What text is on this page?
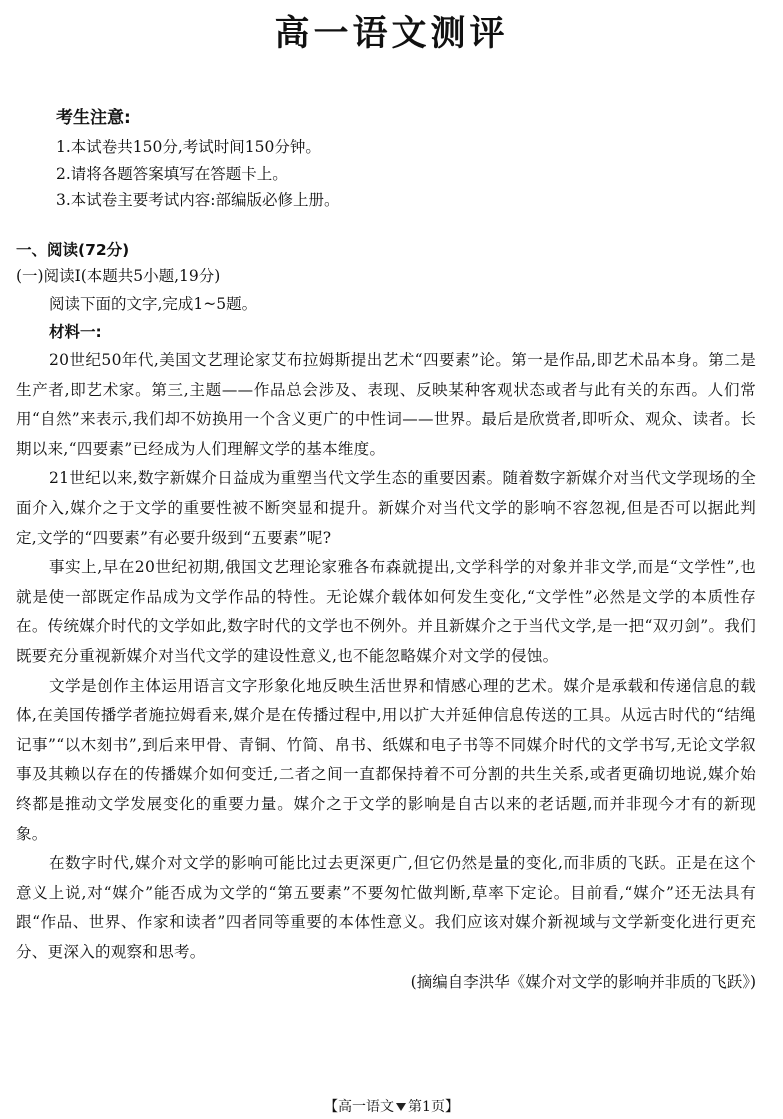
高一语文测评

考生注意:

1.本试卷共150分,考试时间150分钟。
2.请将各题答案填写在答题卡上。
3.本试卷主要考试内容:部编版必修上册。

一、阅读(72分)

(一)阅读Ⅰ(本题共5小题,19分)

阅读下面的文字,完成1~5题。

材料一:

20世纪50年代,美国文艺理论家艾布拉姆斯提出艺术“四要素”论。第一是作品,即艺术品本身。第二是生产者,即艺术家。第三,主题——作品总会涉及、表现、反映某种客观状态或者与此有关的东西。人们常用“自然”来表示,我们却不妨换用一个含义更广的中性词——世界。最后是欣赏者,即听众、观众、读者。长期以来,“四要素”已经成为人们理解文学的基本维度。

21世纪以来,数字新媒介日益成为重塑当代文学生态的重要因素。随着数字新媒介对当代文学现场的全面介入,媒介之于文学的重要性被不断突显和提升。新媒介对当代文学的影响不容忽视,但是否可以据此判定,文学的“四要素”有必要升级到“五要素”呢?

事实上,早在20世纪初期,俄国文艺理论家雅各布森就提出,文学科学的对象并非文学,而是“文学性”,也就是使一部既定作品成为文学作品的特性。无论媒介载体如何发生变化,“文学性”必然是文学的本质性存在。传统媒介时代的文学如此,数字时代的文学也不例外。并且新媒介之于当代文学,是一把“双刃剑”。我们既要充分重视新媒介对当代文学的建设性意义,也不能忽略媒介对文学的侵蚀。

文学是创作主体运用语言文字形象化地反映生活世界和情感心理的艺术。媒介是承载和传递信息的载体,在美国传播学者施拉姆看来,媒介是在传播过程中,用以扩大并延伸信息传送的工具。从远古时代的“结绳记事”“以木刻书”,到后来甲骨、青铜、竹简、帛书、纸媒和电子书等不同媒介时代的文学书写,无论文学叙事及其赖以存在的传播媒介如何变迁,二者之间一直都保持着不可分割的共生关系,或者更确切地说,媒介始终都是推动文学发展变化的重要力量。媒介之于文学的影响是自古以来的老话题,而并非现今才有的新现象。

在数字时代,媒介对文学的影响可能比过去更深更广,但它仍然是量的变化,而非质的飞跃。正是在这个意义上说,对“媒介”能否成为文学的“第五要素”不要匆忙做判断,草率下定论。目前看,“媒介”还无法具有跟“作品、世界、作家和读者”四者同等重要的本体性意义。我们应该对媒介新视域与文学新变化进行更充分、更深入的观察和思考。

(摘编自李洪华《媒介对文学的影响并非质的飞跃》)

【高一语文 第1页】
